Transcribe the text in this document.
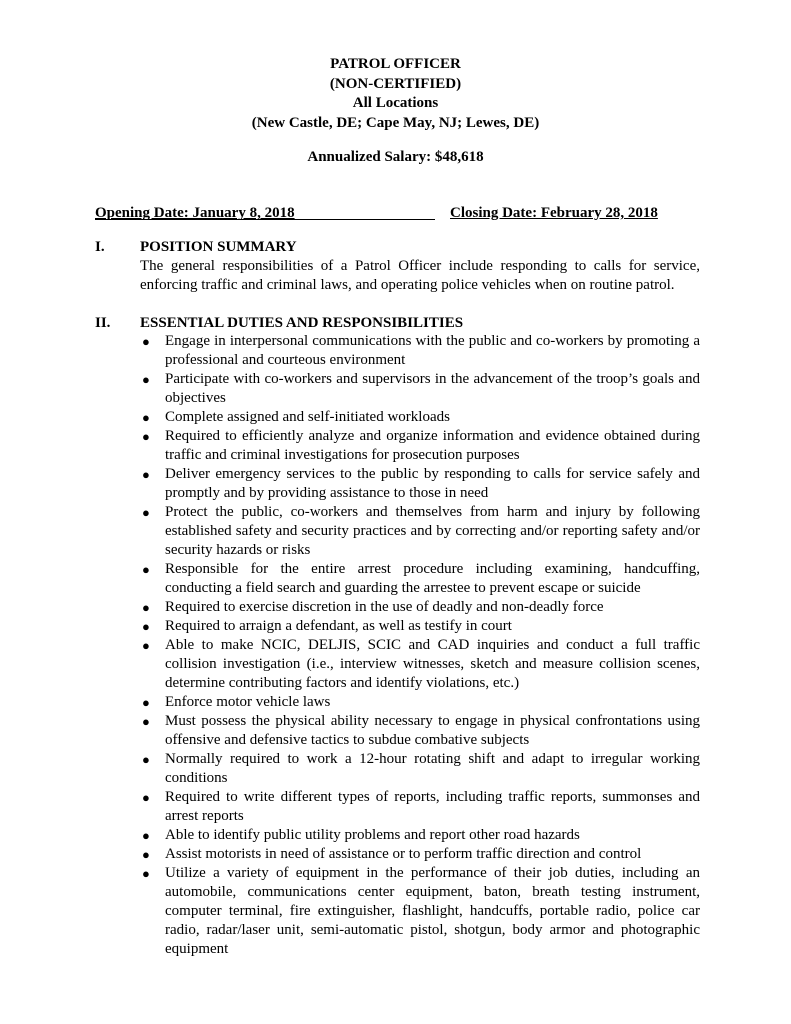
PATROL OFFICER
(NON-CERTIFIED)
All Locations
(New Castle, DE; Cape May, NJ; Lewes, DE)
Annualized Salary: $48,618
Opening Date: January 8, 2018	Closing Date: February 28, 2018
I. POSITION SUMMARY
The general responsibilities of a Patrol Officer include responding to calls for service, enforcing traffic and criminal laws, and operating police vehicles when on routine patrol.
II. ESSENTIAL DUTIES AND RESPONSIBILITIES
● Engage in interpersonal communications with the public and co-workers by promoting a professional and courteous environment
● Participate with co-workers and supervisors in the advancement of the troop’s goals and objectives
● Complete assigned and self-initiated workloads
● Required to efficiently analyze and organize information and evidence obtained during traffic and criminal investigations for prosecution purposes
● Deliver emergency services to the public by responding to calls for service safely and promptly and by providing assistance to those in need
● Protect the public, co-workers and themselves from harm and injury by following established safety and security practices and by correcting and/or reporting safety and/or security hazards or risks
● Responsible for the entire arrest procedure including examining, handcuffing, conducting a field search and guarding the arrestee to prevent escape or suicide
● Required to exercise discretion in the use of deadly and non-deadly force
● Required to arraign a defendant, as well as testify in court
● Able to make NCIC, DELJIS, SCIC and CAD inquiries and conduct a full traffic collision investigation (i.e., interview witnesses, sketch and measure collision scenes, determine contributing factors and identify violations, etc.)
● Enforce motor vehicle laws
● Must possess the physical ability necessary to engage in physical confrontations using offensive and defensive tactics to subdue combative subjects
● Normally required to work a 12-hour rotating shift and adapt to irregular working conditions
● Required to write different types of reports, including traffic reports, summonses and arrest reports
● Able to identify public utility problems and report other road hazards
● Assist motorists in need of assistance or to perform traffic direction and control
● Utilize a variety of equipment in the performance of their job duties, including an automobile, communications center equipment, baton, breath testing instrument, computer terminal, fire extinguisher, flashlight, handcuffs, portable radio, police car radio, radar/laser unit, semi-automatic pistol, shotgun, body armor and photographic equipment
